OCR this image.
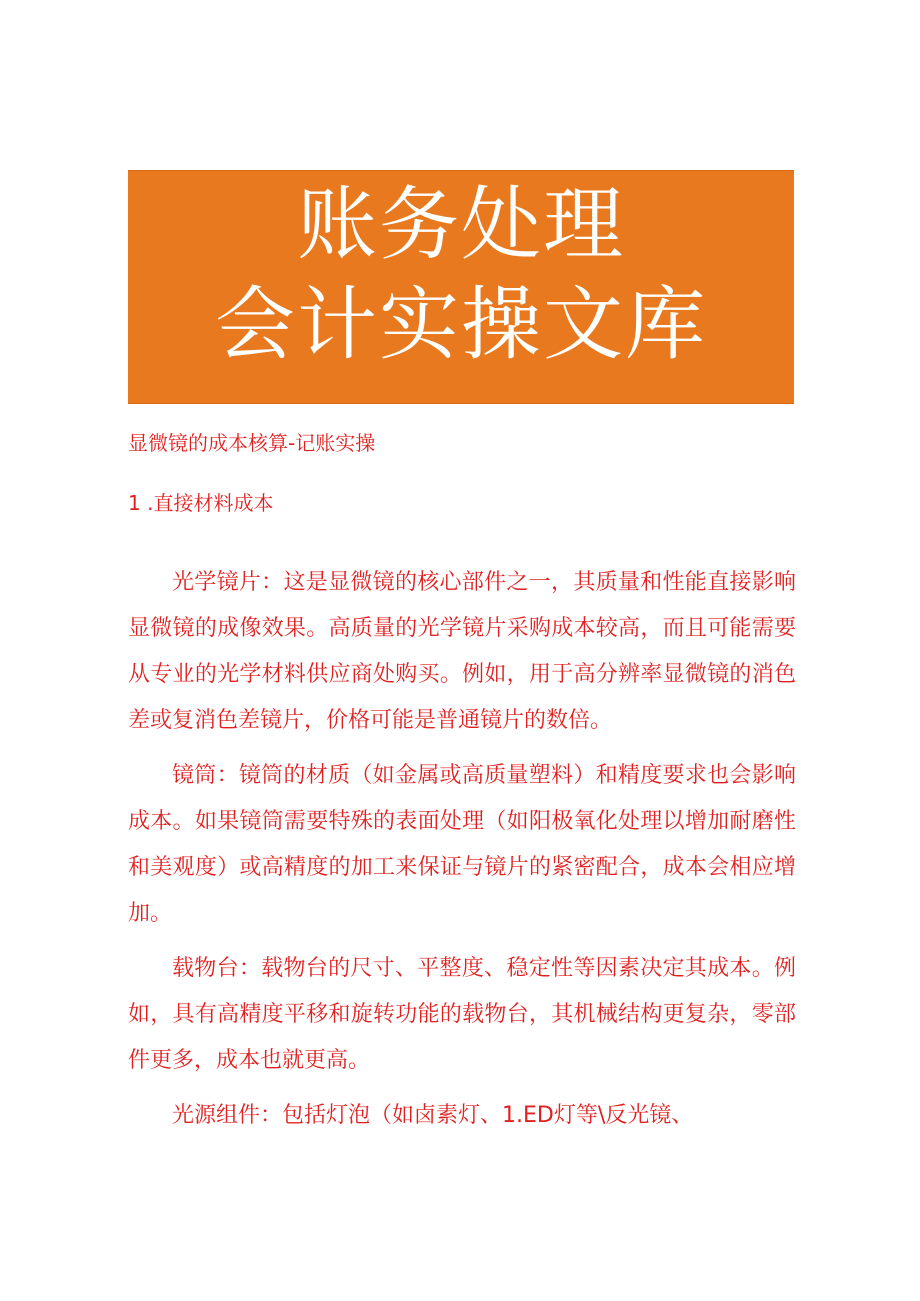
账务处理
会计实操文库
显微镜的成本核算-记账实操
1 .直接材料成本

光学镜片：这是显微镜的核心部件之一，其质量和性能直接影响显微镜的成像效果。高质量的光学镜片采购成本较高，而且可能需要从专业的光学材料供应商处购买。例如，用于高分辨率显微镜的消色差或复消色差镜片，价格可能是普通镜片的数倍。

镜筒：镜筒的材质（如金属或高质量塑料）和精度要求也会影响成本。如果镜筒需要特殊的表面处理（如阳极氧化处理以增加耐磨性和美观度）或高精度的加工来保证与镜片的紧密配合，成本会相应增加。

载物台：载物台的尺寸、平整度、稳定性等因素决定其成本。例如，具有高精度平移和旋转功能的载物台，其机械结构更复杂，零部件更多，成本也就更高。

光源组件：包括灯泡（如卤素灯、1.ED灯等\反光镜、
